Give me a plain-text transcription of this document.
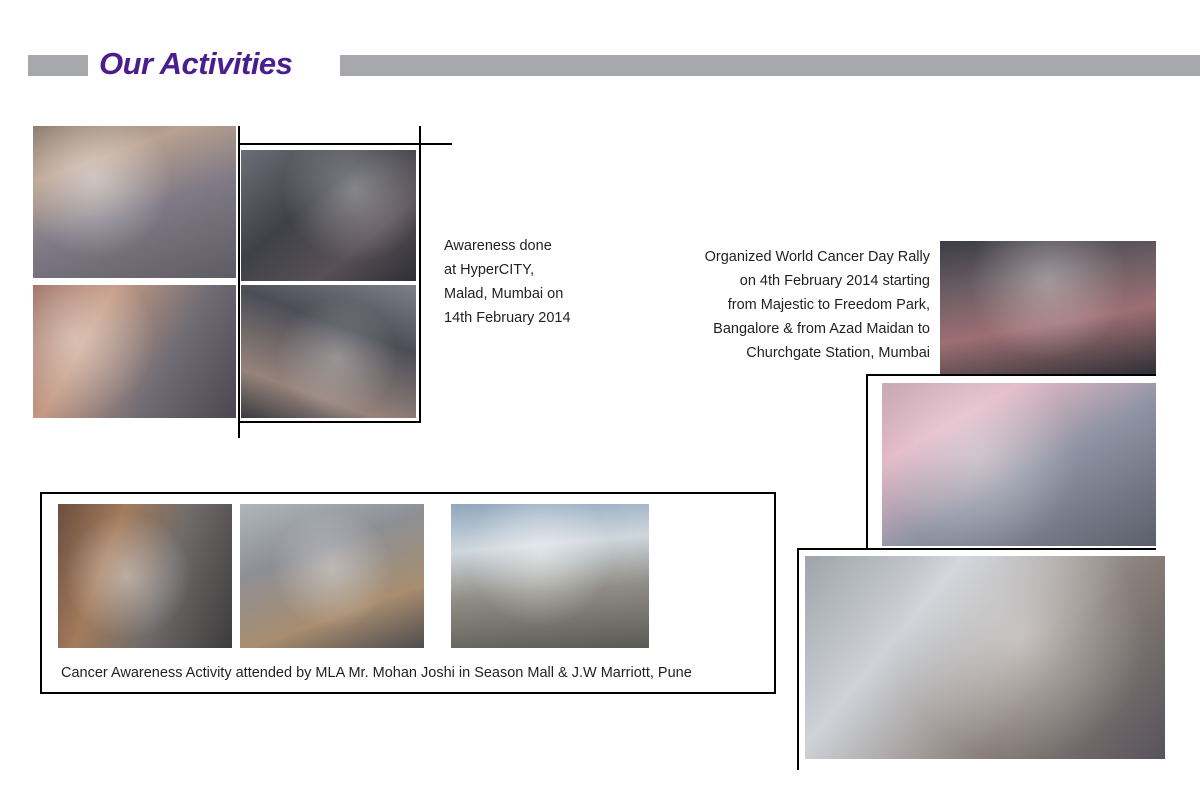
Our Activities
Awareness done
at HyperCITY,
Malad, Mumbai on
14th February 2014
Organized World Cancer Day Rally
on 4th February 2014 starting
from Majestic to Freedom Park,
Bangalore & from Azad Maidan to
Churchgate Station, Mumbai
Cancer Awareness Activity attended by MLA Mr. Mohan Joshi in Season Mall & J.W Marriott, Pune
